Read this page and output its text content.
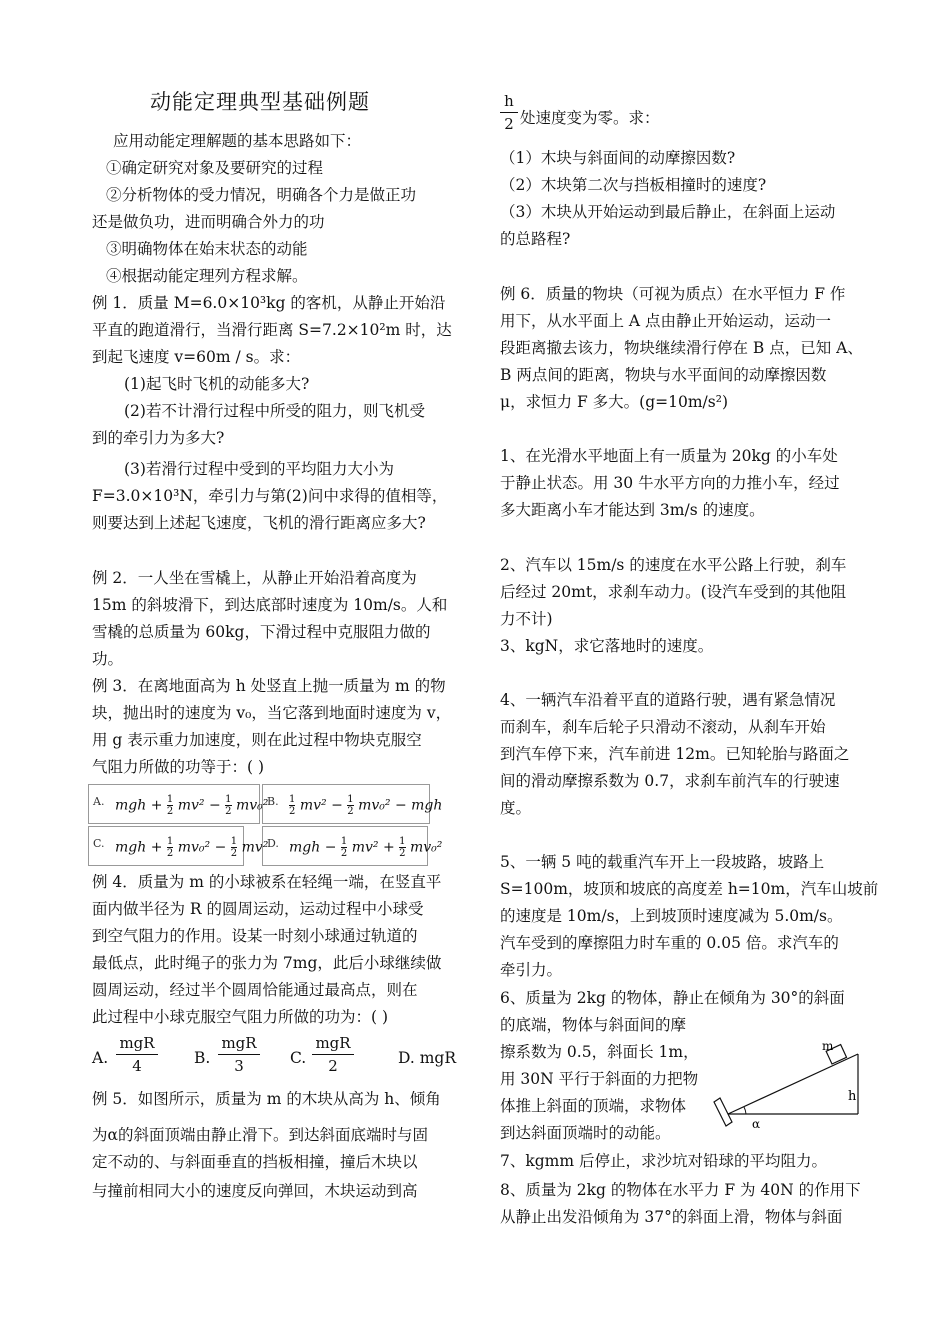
动能定理典型基础例题
应用动能定理解题的基本思路如下：
①确定研究对象及要研究的过程
②分析物体的受力情况，明确各个力是做正功
还是做负功，进而明确合外力的功
③明确物体在始末状态的动能
④根据动能定理列方程求解。
例 1．质量 M=6.0×10³kg 的客机，从静止开始沿
平直的跑道滑行，当滑行距离 S=7.2×10²m 时，达
到起飞速度 v=60m / s。求：
(1)起飞时飞机的动能多大?
(2)若不计滑行过程中所受的阻力，则飞机受
到的牵引力为多大?
(3)若滑行过程中受到的平均阻力大小为
F=3.0×10³N，牵引力与第(2)问中求得的值相等，
则要达到上述起飞速度，飞机的滑行距离应多大?
例 2．一人坐在雪橇上，从静止开始沿着高度为
15m 的斜坡滑下，到达底部时速度为 10m/s。人和
雪橇的总质量为 60kg，下滑过程中克服阻力做的
功。
例 3．在离地面高为 h 处竖直上抛一质量为 m 的物
块，抛出时的速度为 v₀，当它落到地面时速度为 v，
用 g 表示重力加速度，则在此过程中物块克服空
气阻力所做的功等于：( )
A. mgh + $\frac{1}{2} mv^2 - \frac{1}{2} mv_0^2$
B. $\frac{1}{2} mv^2 - \frac{1}{2} mv_0^2$ − mgh
C. mgh + $\frac{1}{2} mv_0^2 - \frac{1}{2} mv^2$
D. mgh − $\frac{1}{2} mv^2 + \frac{1}{2} mv_0^2$
例 4．质量为 m 的小球被系在轻绳一端，在竖直平
面内做半径为 R 的圆周运动，运动过程中小球受
到空气阻力的作用。设某一时刻小球通过轨道的
最低点，此时绳子的张力为 7mg，此后小球继续做
圆周运动，经过半个圆周恰能通过最高点，则在
此过程中小球克服空气阻力所做的功为：( )
A.
mgR
4	B.
mgR
3	C.
mgR
2	D. mgR
例 5．如图所示，质量为 m 的木块从高为 h、倾角
为α的斜面顶端由静止滑下。到达斜面底端时与固
定不动的、与斜面垂直的挡板相撞，撞后木块以
与撞前相同大小的速度反向弹回，木块运动到高
h
2 处速度变为零。求：
（1）木块与斜面间的动摩擦因数?
（2）木块第二次与挡板相撞时的速度?
（3）木块从开始运动到最后静止，在斜面上运动
的总路程?
例 6．质量的物块（可视为质点）在水平恒力 F 作
用下，从水平面上 A 点由静止开始运动，运动一
段距离撤去该力，物块继续滑行停在 B 点，已知 A、
B 两点间的距离，物块与水平面间的动摩擦因数
μ，求恒力 F 多大。(g=10m/s²)
1、在光滑水平地面上有一质量为 20kg 的小车处
于静止状态。用 30 牛水平方向的力推小车，经过
多大距离小车才能达到 3m/s 的速度。
2、汽车以 15m/s 的速度在水平公路上行驶，刹车
后经过 20mt，求刹车动力。(设汽车受到的其他阻
力不计)
3、kgN，求它落地时的速度。
4、一辆汽车沿着平直的道路行驶，遇有紧急情况
而刹车，刹车后轮子只滑动不滚动，从刹车开始
到汽车停下来，汽车前进 12m。已知轮胎与路面之
间的滑动摩擦系数为 0.7，求刹车前汽车的行驶速
度。
5、一辆 5 吨的载重汽车开上一段坡路，坡路上
S=100m，坡顶和坡底的高度差 h=10m，汽车山坡前
的速度是 10m/s，上到坡顶时速度减为 5.0m/s。
汽车受到的摩擦阻力时车重的 0.05 倍。求汽车的
牵引力。
6、质量为 2kg 的物体，静止在倾角为 30°的斜面
的底端，物体与斜面间的摩
擦系数为 0.5，斜面长 1m，
用 30N 平行于斜面的力把物
体推上斜面的顶端，求物体
到达斜面顶端时的动能。
m
h
α
7、kgmm 后停止，求沙坑对铅球的平均阻力。
8、质量为 2kg 的物体在水平力 F 为 40N 的作用下
从静止出发沿倾角为 37°的斜面上滑，物体与斜面
